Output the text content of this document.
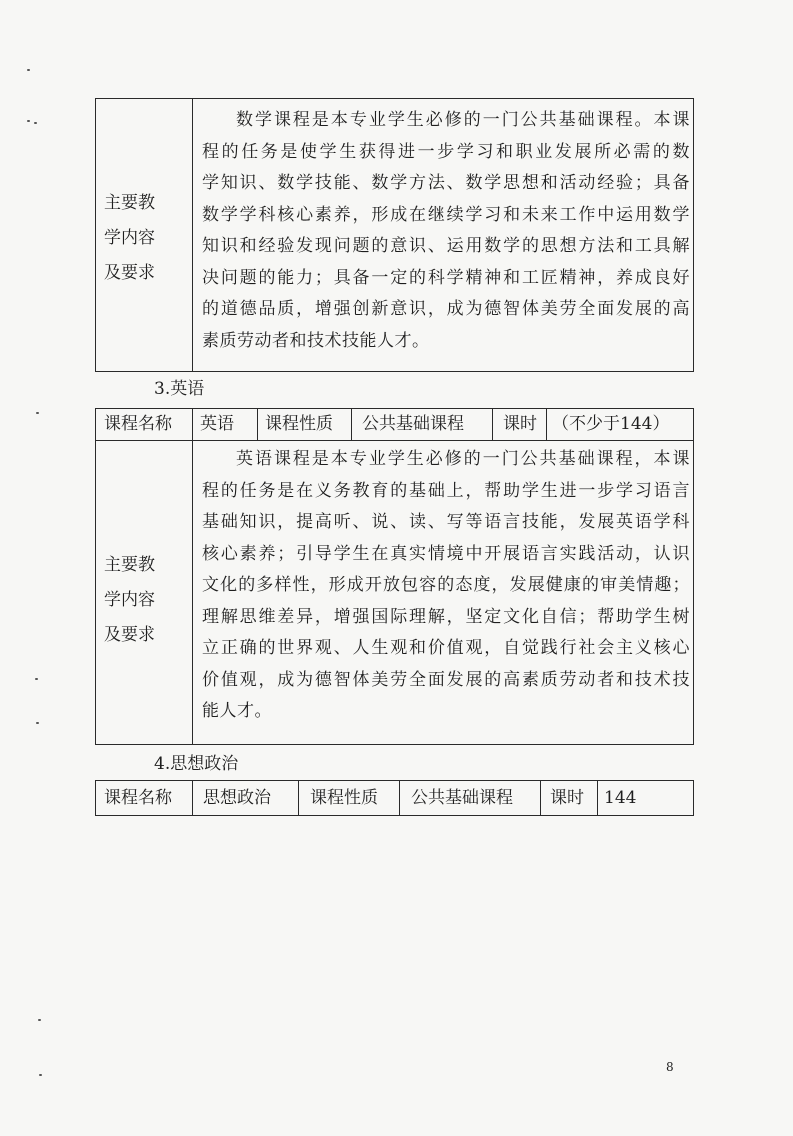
主要教
学内容
及要求
数学课程是本专业学生必修的一门公共基础课程。本课
程的任务是使学生获得进一步学习和职业发展所必需的数
学知识、数学技能、数学方法、数学思想和活动经验；具备
数学学科核心素养，形成在继续学习和未来工作中运用数学
知识和经验发现问题的意识、运用数学的思想方法和工具解
决问题的能力；具备一定的科学精神和工匠精神，养成良好
的道德品质，增强创新意识，成为德智体美劳全面发展的高
素质劳动者和技术技能人才。
3.英语
课程名称 英语 课程性质 公共基础课程 课时 （不少于144）
主要教
学内容
及要求
英语课程是本专业学生必修的一门公共基础课程，本课
程的任务是在义务教育的基础上，帮助学生进一步学习语言
基础知识，提高听、说、读、写等语言技能，发展英语学科
核心素养；引导学生在真实情境中开展语言实践活动，认识
文化的多样性，形成开放包容的态度，发展健康的审美情趣；
理解思维差异，增强国际理解，坚定文化自信；帮助学生树
立正确的世界观、人生观和价值观，自觉践行社会主义核心
价值观，成为德智体美劳全面发展的高素质劳动者和技术技
能人才。
4.思想政治
课程名称 思想政治 课程性质 公共基础课程 课时 144
8
